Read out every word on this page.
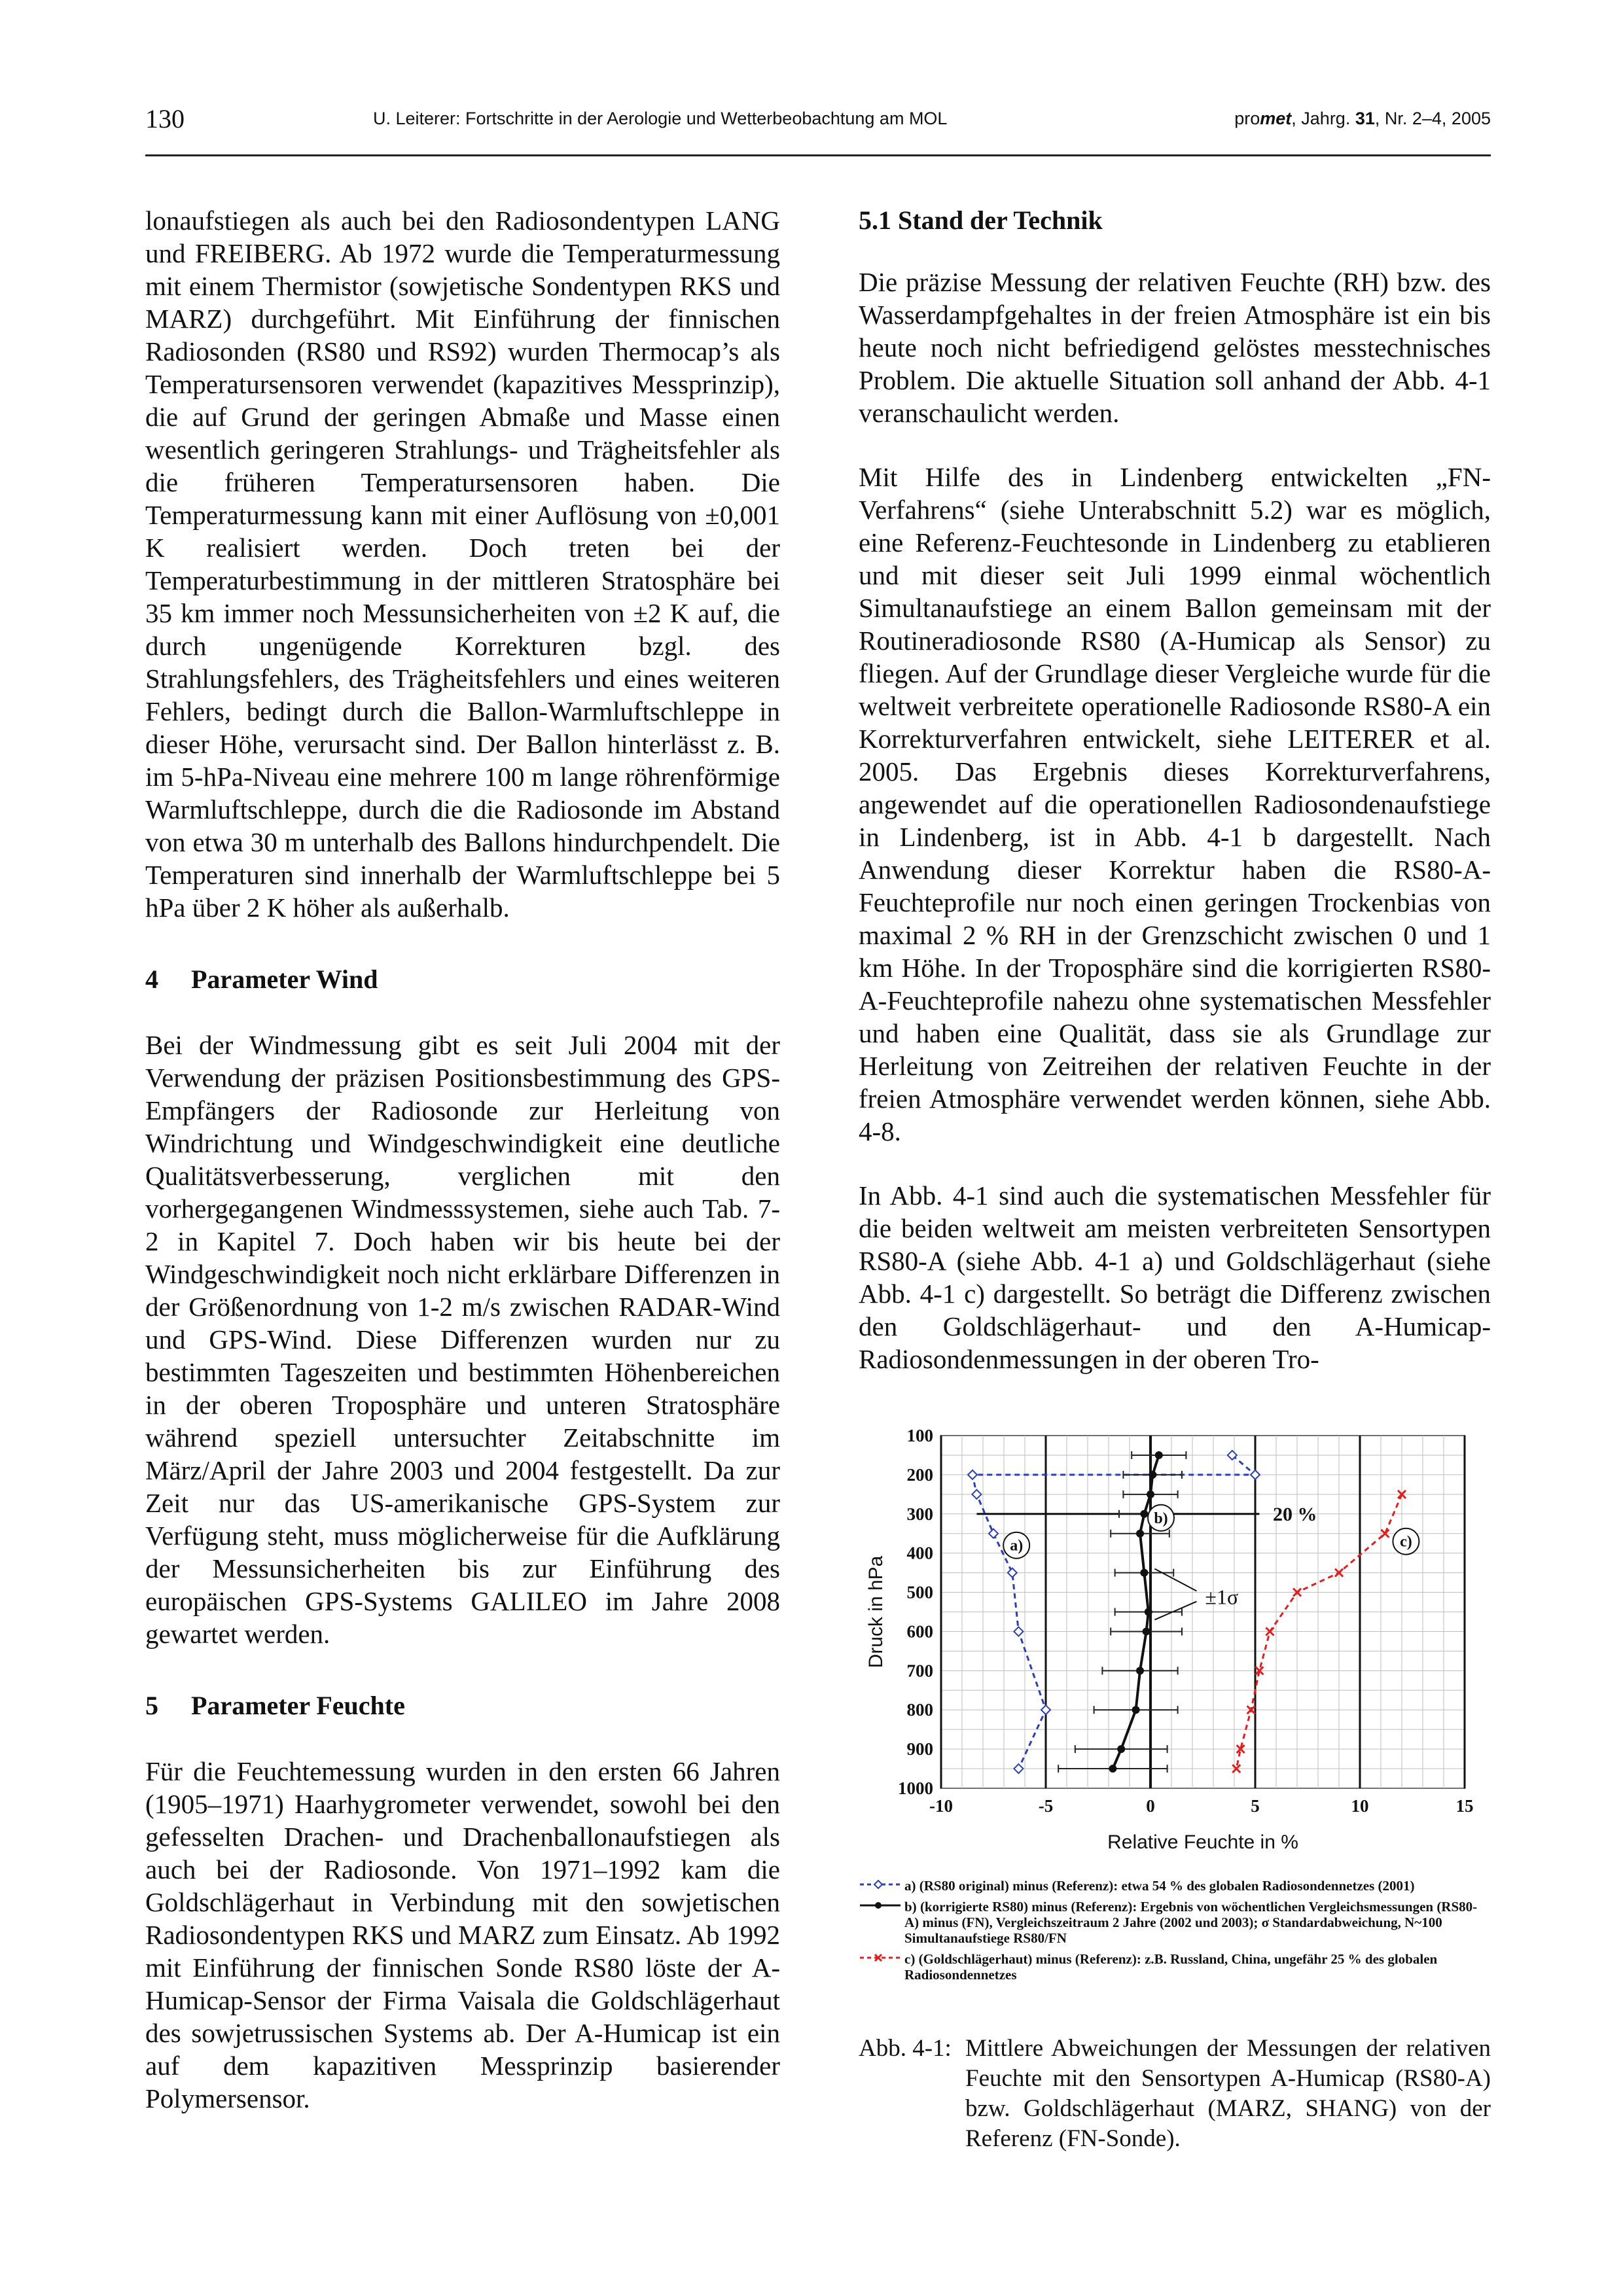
130	U. Leiterer: Fortschritte in der Aerologie und Wetterbeobachtung am MOL	promet, Jahrg. 31, Nr. 2–4, 2005

lonaufstiegen als auch bei den Radiosondentypen LANG und FREIBERG. Ab 1972 wurde die Temperaturmessung mit einem Thermistor (sowjetische Sondentypen RKS und MARZ) durchgeführt. Mit Einführung der finnischen Radiosonden (RS80 und RS92) wurden Thermocap’s als Temperatursensoren verwendet (kapazitives Messprinzip), die auf Grund der geringen Abmaße und Masse einen wesentlich geringeren Strahlungs- und Trägheitsfehler als die früheren Temperatursensoren haben. Die Temperaturmessung kann mit einer Auflösung von ±0,001 K realisiert werden. Doch treten bei der Temperaturbestimmung in der mittleren Stratosphäre bei 35 km immer noch Messunsicherheiten von ±2 K auf, die durch ungenügende Korrekturen bzgl. des Strahlungsfehlers, des Trägheitsfehlers und eines weiteren Fehlers, bedingt durch die Ballon-Warmluftschleppe in dieser Höhe, verursacht sind. Der Ballon hinterlässt z. B. im 5-hPa-Niveau eine mehrere 100 m lange röhrenförmige Warmluftschleppe, durch die die Radiosonde im Abstand von etwa 30 m unterhalb des Ballons hindurchpendelt. Die Temperaturen sind innerhalb der Warmluftschleppe bei 5 hPa über 2 K höher als außerhalb.

4 Parameter Wind

Bei der Windmessung gibt es seit Juli 2004 mit der Verwendung der präzisen Positionsbestimmung des GPS-Empfängers der Radiosonde zur Herleitung von Windrichtung und Windgeschwindigkeit eine deutliche Qualitätsverbesserung, verglichen mit den vorhergegangenen Windmesssystemen, siehe auch Tab. 7-2 in Kapitel 7. Doch haben wir bis heute bei der Windgeschwindigkeit noch nicht erklärbare Differenzen in der Größenordnung von 1-2 m/s zwischen RADAR-Wind und GPS-Wind. Diese Differenzen wurden nur zu bestimmten Tageszeiten und bestimmten Höhenbereichen in der oberen Troposphäre und unteren Stratosphäre während speziell untersuchter Zeitabschnitte im März/April der Jahre 2003 und 2004 festgestellt. Da zur Zeit nur das US-amerikanische GPS-System zur Verfügung steht, muss möglicherweise für die Aufklärung der Messunsicherheiten bis zur Einführung des europäischen GPS-Systems GALILEO im Jahre 2008 gewartet werden.

5 Parameter Feuchte

Für die Feuchtemessung wurden in den ersten 66 Jahren (1905–1971) Haarhygrometer verwendet, sowohl bei den gefesselten Drachen- und Drachenballonaufstiegen als auch bei der Radiosonde. Von 1971–1992 kam die Goldschlägerhaut in Verbindung mit den sowjetischen Radiosondentypen RKS und MARZ zum Einsatz. Ab 1992 mit Einführung der finnischen Sonde RS80 löste der A-Humicap-Sensor der Firma Vaisala die Goldschlägerhaut des sowjetrussischen Systems ab. Der A-Humicap ist ein auf dem kapazitiven Messprinzip basierender Polymersensor.

5.1 Stand der Technik

Die präzise Messung der relativen Feuchte (RH) bzw. des Wasserdampfgehaltes in der freien Atmosphäre ist ein bis heute noch nicht befriedigend gelöstes messtechnisches Problem. Die aktuelle Situation soll anhand der Abb. 4-1 veranschaulicht werden.

Mit Hilfe des in Lindenberg entwickelten „FN-Verfahrens“ (siehe Unterabschnitt 5.2) war es möglich, eine Referenz-Feuchtesonde in Lindenberg zu etablieren und mit dieser seit Juli 1999 einmal wöchentlich Simultanaufstiege an einem Ballon gemeinsam mit der Routineradiosonde RS80 (A-Humicap als Sensor) zu fliegen. Auf der Grundlage dieser Vergleiche wurde für die weltweit verbreitete operationelle Radiosonde RS80-A ein Korrekturverfahren entwickelt, siehe LEITERER et al. 2005. Das Ergebnis dieses Korrekturverfahrens, angewendet auf die operationellen Radiosondenaufstiege in Lindenberg, ist in Abb. 4-1 b dargestellt. Nach Anwendung dieser Korrektur haben die RS80-A-Feuchteprofile nur noch einen geringen Trockenbias von maximal 2 % RH in der Grenzschicht zwischen 0 und 1 km Höhe. In der Troposphäre sind die korrigierten RS80-A-Feuchteprofile nahezu ohne systematischen Messfehler und haben eine Qualität, dass sie als Grundlage zur Herleitung von Zeitreihen der relativen Feuchte in der freien Atmosphäre verwendet werden können, siehe Abb. 4-8.

In Abb. 4-1 sind auch die systematischen Messfehler für die beiden weltweit am meisten verbreiteten Sensortypen RS80-A (siehe Abb. 4-1 a) und Goldschlägerhaut (siehe Abb. 4-1 c) dargestellt. So beträgt die Differenz zwischen den Goldschlägerhaut- und den A-Humicap-Radiosondenmessungen in der oberen Tro-

-10	-5	0	5	10	15
100
200
300
400
500
600
700
800
900
1000
Relative Feuchte in %
Druck in hPa
20 %
a)
b)
c)
±1σ
a) (RS80 original) minus (Referenz): etwa 54 % des globalen Radiosondennetzes (2001)
b) (korrigierte RS80) minus (Referenz): Ergebnis von wöchentlichen Vergleichsmessungen (RS80-A) minus (FN), Vergleichszeitraum 2 Jahre (2002 und 2003); σ Standardabweichung, N~100 Simultanaufstiege RS80/FN
c) (Goldschlägerhaut) minus (Referenz): z.B. Russland, China, ungefähr 25 % des globalen Radiosondennetzes
Abb. 4-1: Mittlere Abweichungen der Messungen der relativen Feuchte mit den Sensortypen A-Humicap (RS80-A) bzw. Goldschlägerhaut (MARZ, SHANG) von der Referenz (FN-Sonde).
